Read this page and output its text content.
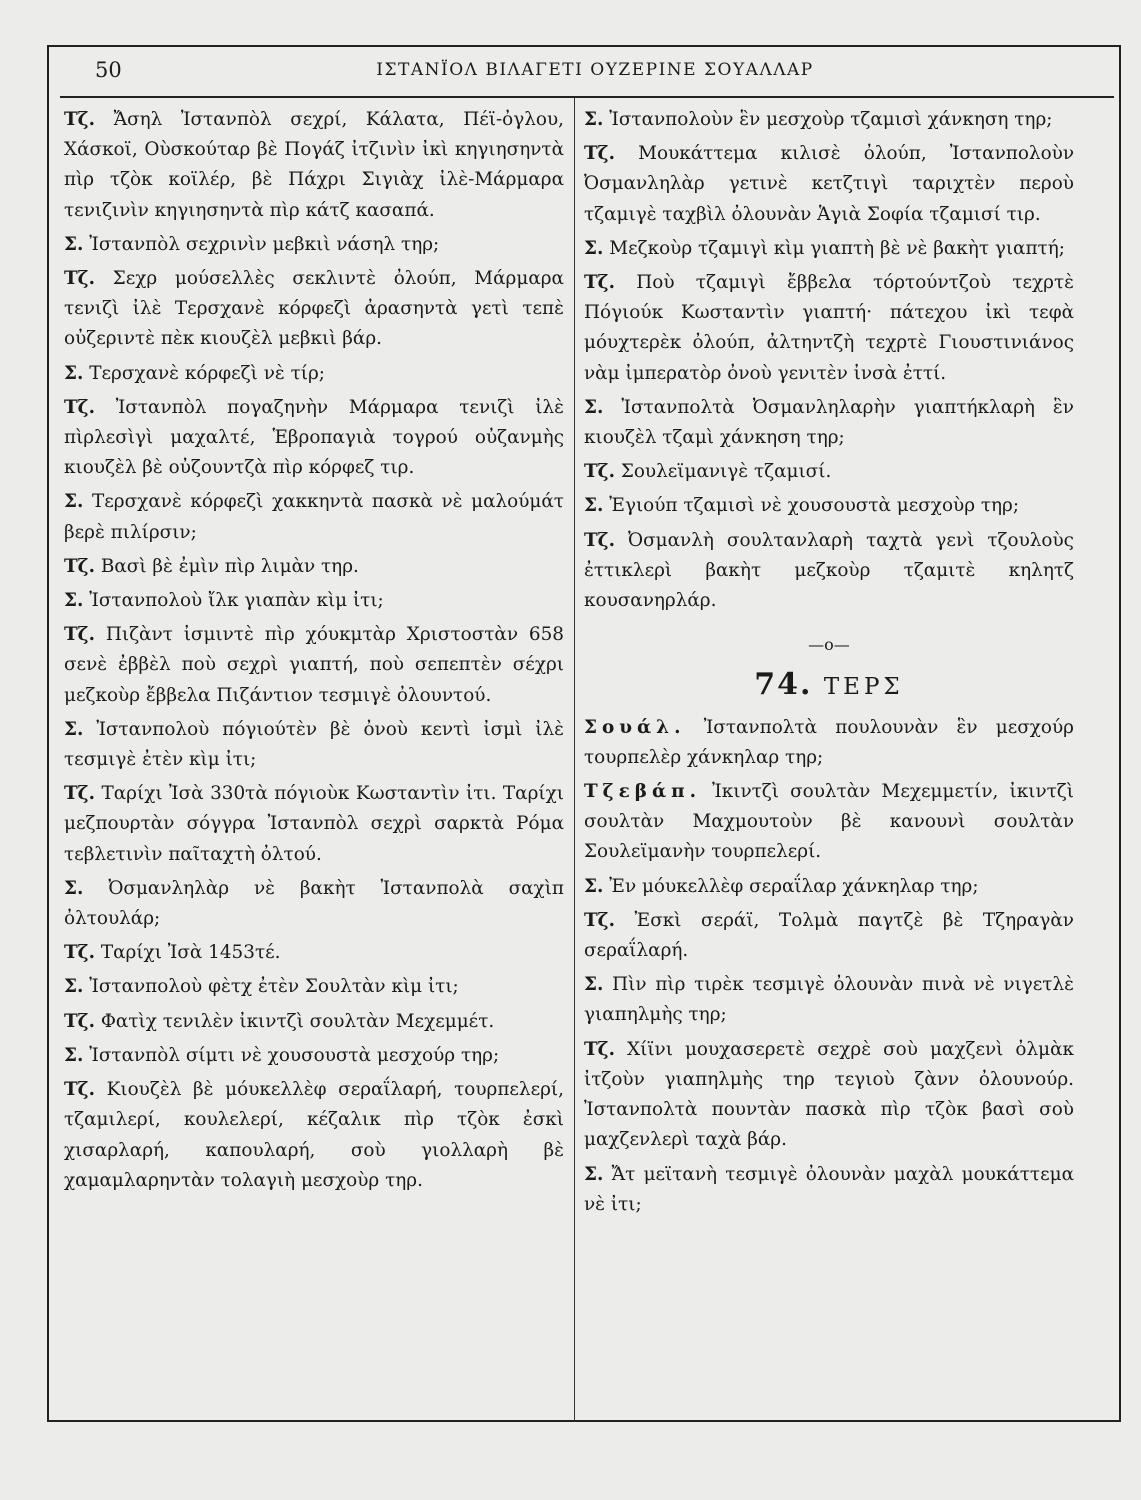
50	ΙΣΤΑΝΪΟΛ ΒΙΛΑΓΕΤΙ ΟΥΖΕΡΙΝΕ ΣΟΥΑΛΛΑΡ

Τζ. Ἄσηλ Ἰστανπὸλ σεχρί, Κάλατα, Πέϊ-ὀγλου, Χάσκοϊ, Οὺσκούταρ βὲ Πογάζ ἰτζινὶν ἰκὶ κηγιησηντὰ πὶρ τζὸκ κοϊλέρ, βὲ Πάχρι Σιγιὰχ ἰλὲ-Μάρμαρα τενιζινὶν κηγιησηντὰ πὶρ κάτζ κασαπά.

Σ. Ἰστανπὸλ σεχρινὶν μεβκιὶ νάσηλ τηρ;

Τζ. Σεχρ μούσελλὲς σεκλιντὲ ὀλούπ, Μάρμαρα τενιζὶ ἰλὲ Τερσχανὲ κόρφεζὶ ἀρασηντὰ γετὶ τεπὲ οὐζεριντὲ πὲκ κιουζὲλ μεβκιὶ βάρ.

Σ. Τερσχανὲ κόρφεζὶ νὲ τίρ;

Τζ. Ἰστανπὸλ πογαζηνὴν Μάρμαρα τενιζὶ ἰλὲ πὶρλεσὶγὶ μαχαλτέ, Ἑβροπαγιὰ τογρού οὐζανμὴς κιουζὲλ βὲ οὐζουντζὰ πὶρ κόρφεζ τιρ.

Σ. Τερσχανὲ κόρφεζὶ χακκηντὰ πασκὰ νὲ μαλούμάτ βερὲ πιλίρσιν;

Τζ. Βασὶ βὲ ἐμὶν πὶρ λιμὰν τηρ.

Σ. Ἰστανπολοὺ ἴλκ γιαπὰν κὶμ ἰτι;

Τζ. Πιζὰντ ἰσμιντὲ πὶρ χόυκμτὰρ Χριστοστὰν 658 σενὲ ἐββὲλ ποὺ σεχρὶ γιαπτή, ποὺ σεπεπτὲν σέχρι μεζκοὺρ ἔββελα Πιζάντιον τεσμιγὲ ὀλουντού.

Σ. Ἰστανπολοὺ πόγιούτὲν βὲ ὀνοὺ κεντὶ ἰσμὶ ἰλὲ τεσμιγὲ ἐτὲν κὶμ ἰτι;

Τζ. Ταρίχι Ἰσὰ 330τὰ πόγιοὺκ Κωσταντὶν ἰτι. Ταρίχι μεζπουρτὰν σόγγρα Ἰστανπὸλ σεχρὶ σαρκτὰ Ρόμα τεβλετινὶν παῖταχτὴ ὀλτού.

Σ. Ὀσμανληλὰρ νὲ βακὴτ Ἰστανπολὰ σαχὶπ ὀλτουλάρ;

Τζ. Ταρίχι Ἰσὰ 1453τέ.

Σ. Ἰστανπολοὺ φὲτχ ἐτὲν Σουλτὰν κὶμ ἰτι;

Τζ. Φατὶχ τενιλὲν ἰκιντζὶ σουλτὰν Μεχεμμέτ.

Σ. Ἰστανπὸλ σίμτι νὲ χουσουστὰ μεσχούρ τηρ;

Τζ. Κιουζὲλ βὲ μόυκελλὲφ σεραΐλαρή, τουρπελερί, τζαμιλερί, κουλελερί, κέζαλικ πὶρ τζὸκ ἐσκὶ χισαρλαρή, καπουλαρή, σοὺ γιολλαρὴ βὲ χαμαμλαρηντὰν τολαγιὴ μεσχοὺρ τηρ.

Σ. Ἰστανπολοὺν ἓν μεσχοὺρ τζαμισὶ χάνκηση τηρ;

Τζ. Μουκάττεμα κιλισὲ ὀλούπ, Ἰστανπολοὺν Ὀσμανληλὰρ γετινὲ κετζτιγὶ ταριχτὲν περοὺ τζαμιγὲ ταχβὶλ ὀλουνὰν Ἁγιὰ Σοφία τζαμισί τιρ.

Σ. Μεζκοὺρ τζαμιγὶ κὶμ γιαπτὴ βὲ νὲ βακὴτ γιαπτή;

Τζ. Ποὺ τζαμιγὶ ἔββελα τόρτούντζοὺ τεχρτὲ Πόγιούκ Κωσταντὶν γιαπτή· πάτεχου ἰκὶ τεφὰ μόυχτερὲκ ὀλούπ, ἀλτηντζὴ τεχρτὲ Γιουστινιάνος νὰμ ἰμπερατὸρ ὀνοὺ γενιτὲν ἰνσὰ ἐττί.

Σ. Ἰστανπολτὰ Ὀσμανληλαρὴν γιαπτήκλαρὴ ἓν κιουζὲλ τζαμὶ χάνκηση τηρ;

Τζ. Σουλεϊμανιγὲ τζαμισί.

Σ. Ἐγιούπ τζαμισὶ νὲ χουσουστὰ μεσχοὺρ τηρ;

Τζ. Ὀσμανλὴ σουλτανλαρὴ ταχτὰ γενὶ τζουλοὺς ἐττικλερὶ βακὴτ μεζκοὺρ τζαμιτὲ κηλητζ κουσανηρλάρ.

—ο—
74. ΤΕΡΣ

Σουάλ. Ἰστανπολτὰ πουλουνὰν ἓν μεσχούρ τουρπελὲρ χάνκηλαρ τηρ;

Τζεβάπ. Ἰκιντζὶ σουλτὰν Μεχεμμετίν, ἰκιντζὶ σουλτὰν Μαχμουτοὺν βὲ κανουνὶ σουλτὰν Σουλεϊμανὴν τουρπελερί.

Σ. Ἐν μόυκελλὲφ σεραΐλαρ χάνκηλαρ τηρ;

Τζ. Ἐσκὶ σεράϊ, Τολμὰ παγτζὲ βὲ Τζηραγὰν σεραΐλαρή.

Σ. Πὶν πὶρ τιρὲκ τεσμιγὲ ὀλουνὰν πινὰ νὲ νιγετλὲ γιαπηλμὴς τηρ;

Τζ. Χίϊνι μουχασερετὲ σεχρὲ σοὺ μαχζενὶ ὀλμὰκ ἰτζοὺν γιαπηλμὴς τηρ τεγιοὺ ζὰνν ὀλουνούρ. Ἰστανπολτὰ πουντὰν πασκὰ πὶρ τζὸκ βασὶ σοὺ μαχζενλερὶ ταχὰ βάρ.

Σ. Ἄτ μεϊτανὴ τεσμιγὲ ὀλουνὰν μαχὰλ μουκάττεμα νὲ ἰτι;
